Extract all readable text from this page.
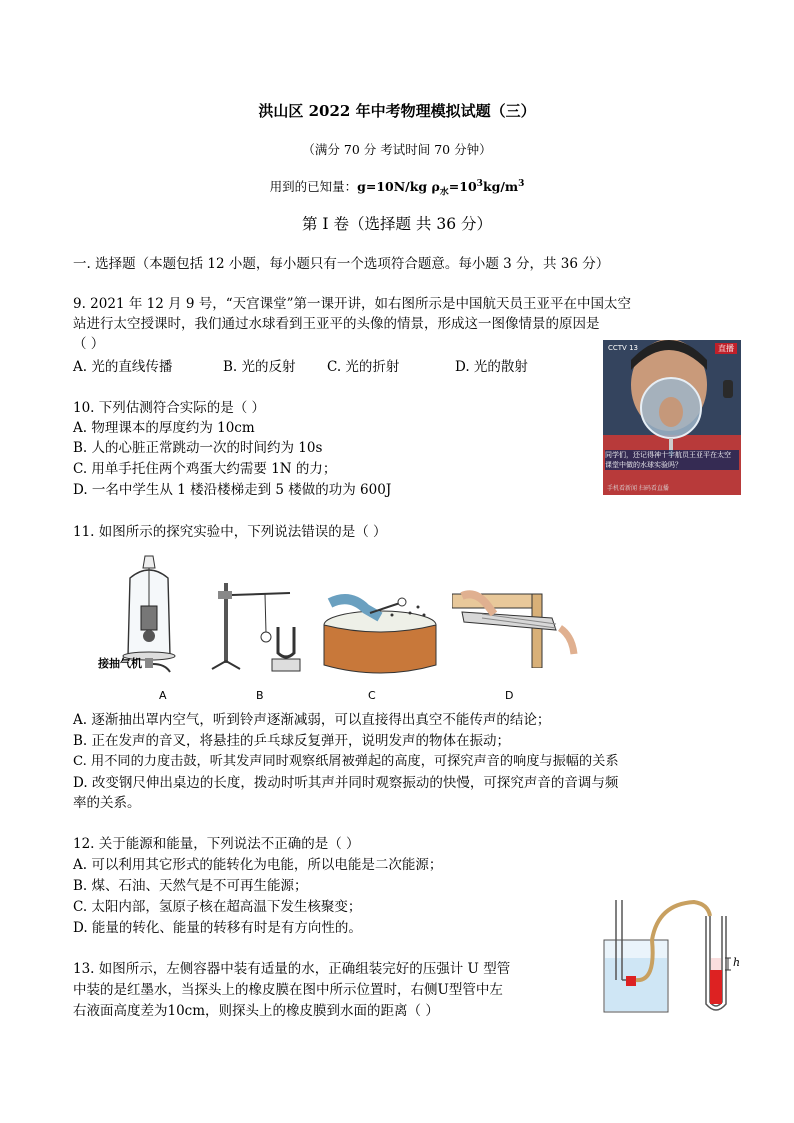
洪山区 2022 年中考物理模拟试题（三）
（满分 70 分 考试时间 70 分钟）
用到的已知量：g=10N/kg $\rho_水=10^3kg/m^3$
第 I 卷（选择题 共 36 分）
一. 选择题（本题包括 12 小题，每小题只有一个选项符合题意。每小题 3 分，共 36 分）
9. 2021 年 12 月 9 号，“天宫课堂”第一课开讲，如右图所示是中国航天员王亚平在中国太空
站进行太空授课时，我们通过水球看到王亚平的头像的情景，形成这一图像情景的原因是
（ ）
A. 光的直线传播	B. 光的反射 C. 光的折射	D. 光的散射
CCTV 13	直播
同学们，还记得神十宇航员王亚平在太空
课堂中做的水球实验吗？
手机看新闻 扫码看直播
10. 下列估测符合实际的是（ ）
A. 物理课本的厚度约为 10cm
B. 人的心脏正常跳动一次的时间约为 10s
C. 用单手托住两个鸡蛋大约需要 1N 的力；
D. 一名中学生从 1 楼沿楼梯走到 5 楼做的功为 600J
11. 如图所示的探究实验中，下列说法错误的是（ ）
接抽气机
A	B	C	D
A. 逐渐抽出罩内空气，听到铃声逐渐减弱，可以直接得出真空不能传声的结论；
B. 正在发声的音叉，将悬挂的乒乓球反复弹开，说明发声的物体在振动；
C. 用不同的力度击鼓，听其发声同时观察纸屑被弹起的高度，可探究声音的响度与振幅的关系
D. 改变钢尺伸出桌边的长度，拨动时听其声并同时观察振动的快慢，可探究声音的音调与频
率的关系。
12. 关于能源和能量，下列说法不正确的是（ ）
A. 可以利用其它形式的能转化为电能，所以电能是二次能源；
B. 煤、石油、天然气是不可再生能源；
C. 太阳内部，氢原子核在超高温下发生核聚变；
D. 能量的转化、能量的转移有时是有方向性的。
13. 如图所示，左侧容器中装有适量的水，正确组装完好的压强计 U 型管
中装的是红墨水，当探头上的橡皮膜在图中所示位置时，右侧U型管中左
右液面高度差为10cm，则探头上的橡皮膜到水面的距离（ ）
h
